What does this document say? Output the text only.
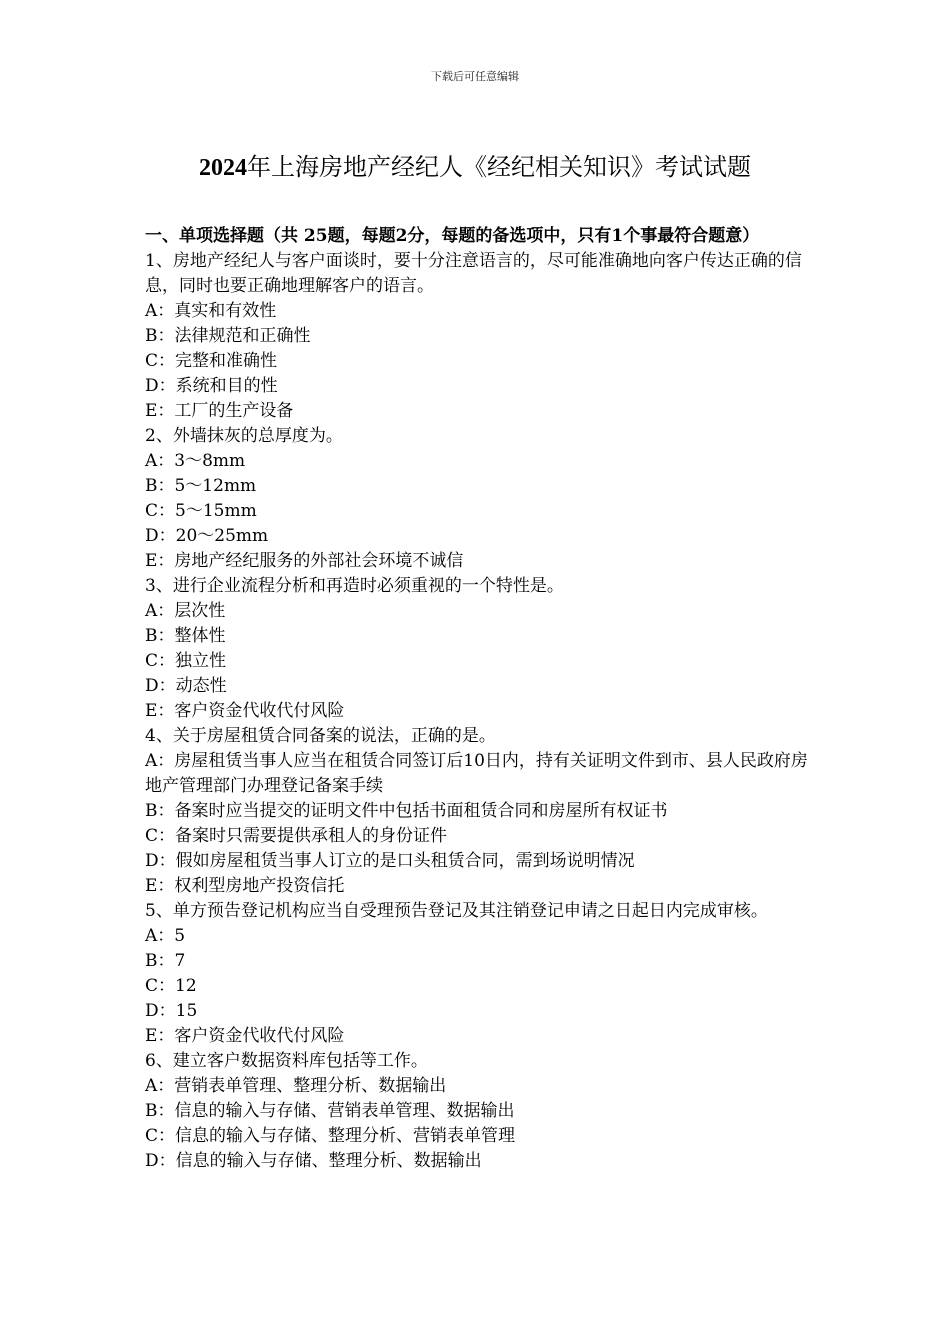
下载后可任意编辑
2024年上海房地产经纪人《经纪相关知识》考试试题

一、单项选择题（共 25题，每题2分，每题的备选项中，只有1个事最符合题意）

1、房地产经纪人与客户面谈时，要十分注意语言的，尽可能准确地向客户传达正确的信息，同时也要正确地理解客户的语言。

A：真实和有效性

B：法律规范和正确性

C：完整和准确性

D：系统和目的性

E：工厂的生产设备

2、外墙抹灰的总厚度为。

A：3～8mm

B：5～12mm

C：5～15mm

D：20～25mm

E：房地产经纪服务的外部社会环境不诚信

3、进行企业流程分析和再造时必须重视的一个特性是。

A：层次性

B：整体性

C：独立性

D：动态性

E：客户资金代收代付风险

4、关于房屋租赁合同备案的说法，正确的是。

A：房屋租赁当事人应当在租赁合同签订后10日内，持有关证明文件到市、县人民政府房地产管理部门办理登记备案手续

B：备案时应当提交的证明文件中包括书面租赁合同和房屋所有权证书

C：备案时只需要提供承租人的身份证件

D：假如房屋租赁当事人订立的是口头租赁合同，需到场说明情况

E：权利型房地产投资信托

5、单方预告登记机构应当自受理预告登记及其注销登记申请之日起日内完成审核。

A：5

B：7

C：12

D：15

E：客户资金代收代付风险

6、建立客户数据资料库包括等工作。

A：营销表单管理、整理分析、数据输出

B：信息的输入与存储、营销表单管理、数据输出

C：信息的输入与存储、整理分析、营销表单管理

D：信息的输入与存储、整理分析、数据输出
